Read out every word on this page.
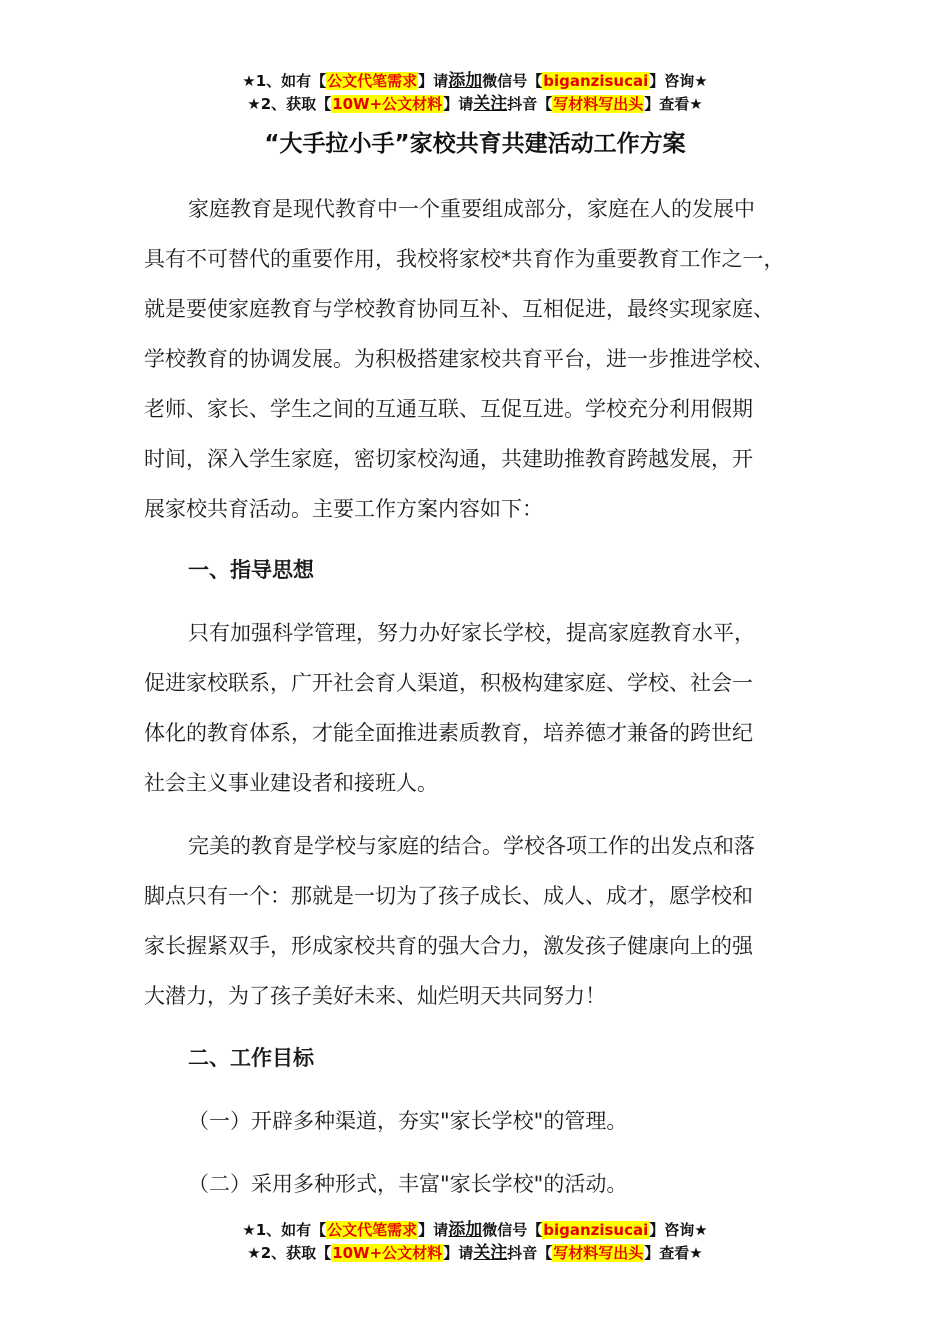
★1、如有【公文代笔需求】请添加微信号【biganzisucai】咨询★
★2、获取【10W+公文材料】请关注抖音【写材料写出头】查看★
“大手拉小手”家校共育共建活动工作方案
家庭教育是现代教育中一个重要组成部分，家庭在人的发展中
具有不可替代的重要作用，我校将家校*共育作为重要教育工作之一，
就是要使家庭教育与学校教育协同互补、互相促进，最终实现家庭、
学校教育的协调发展。为积极搭建家校共育平台，进一步推进学校、
老师、家长、学生之间的互通互联、互促互进。学校充分利用假期
时间，深入学生家庭，密切家校沟通，共建助推教育跨越发展，开
展家校共育活动。主要工作方案内容如下：
一、指导思想
只有加强科学管理，努力办好家长学校，提高家庭教育水平，
促进家校联系，广开社会育人渠道，积极构建家庭、学校、社会一
体化的教育体系，才能全面推进素质教育，培养德才兼备的跨世纪
社会主义事业建设者和接班人。
完美的教育是学校与家庭的结合。学校各项工作的出发点和落
脚点只有一个：那就是一切为了孩子成长、成人、成才，愿学校和
家长握紧双手，形成家校共育的强大合力，激发孩子健康向上的强
大潜力，为了孩子美好未来、灿烂明天共同努力！
二、工作目标
（一）开辟多种渠道，夯实"家长学校"的管理。
（二）采用多种形式，丰富"家长学校"的活动。
★1、如有【公文代笔需求】请添加微信号【biganzisucai】咨询★
★2、获取【10W+公文材料】请关注抖音【写材料写出头】查看★
